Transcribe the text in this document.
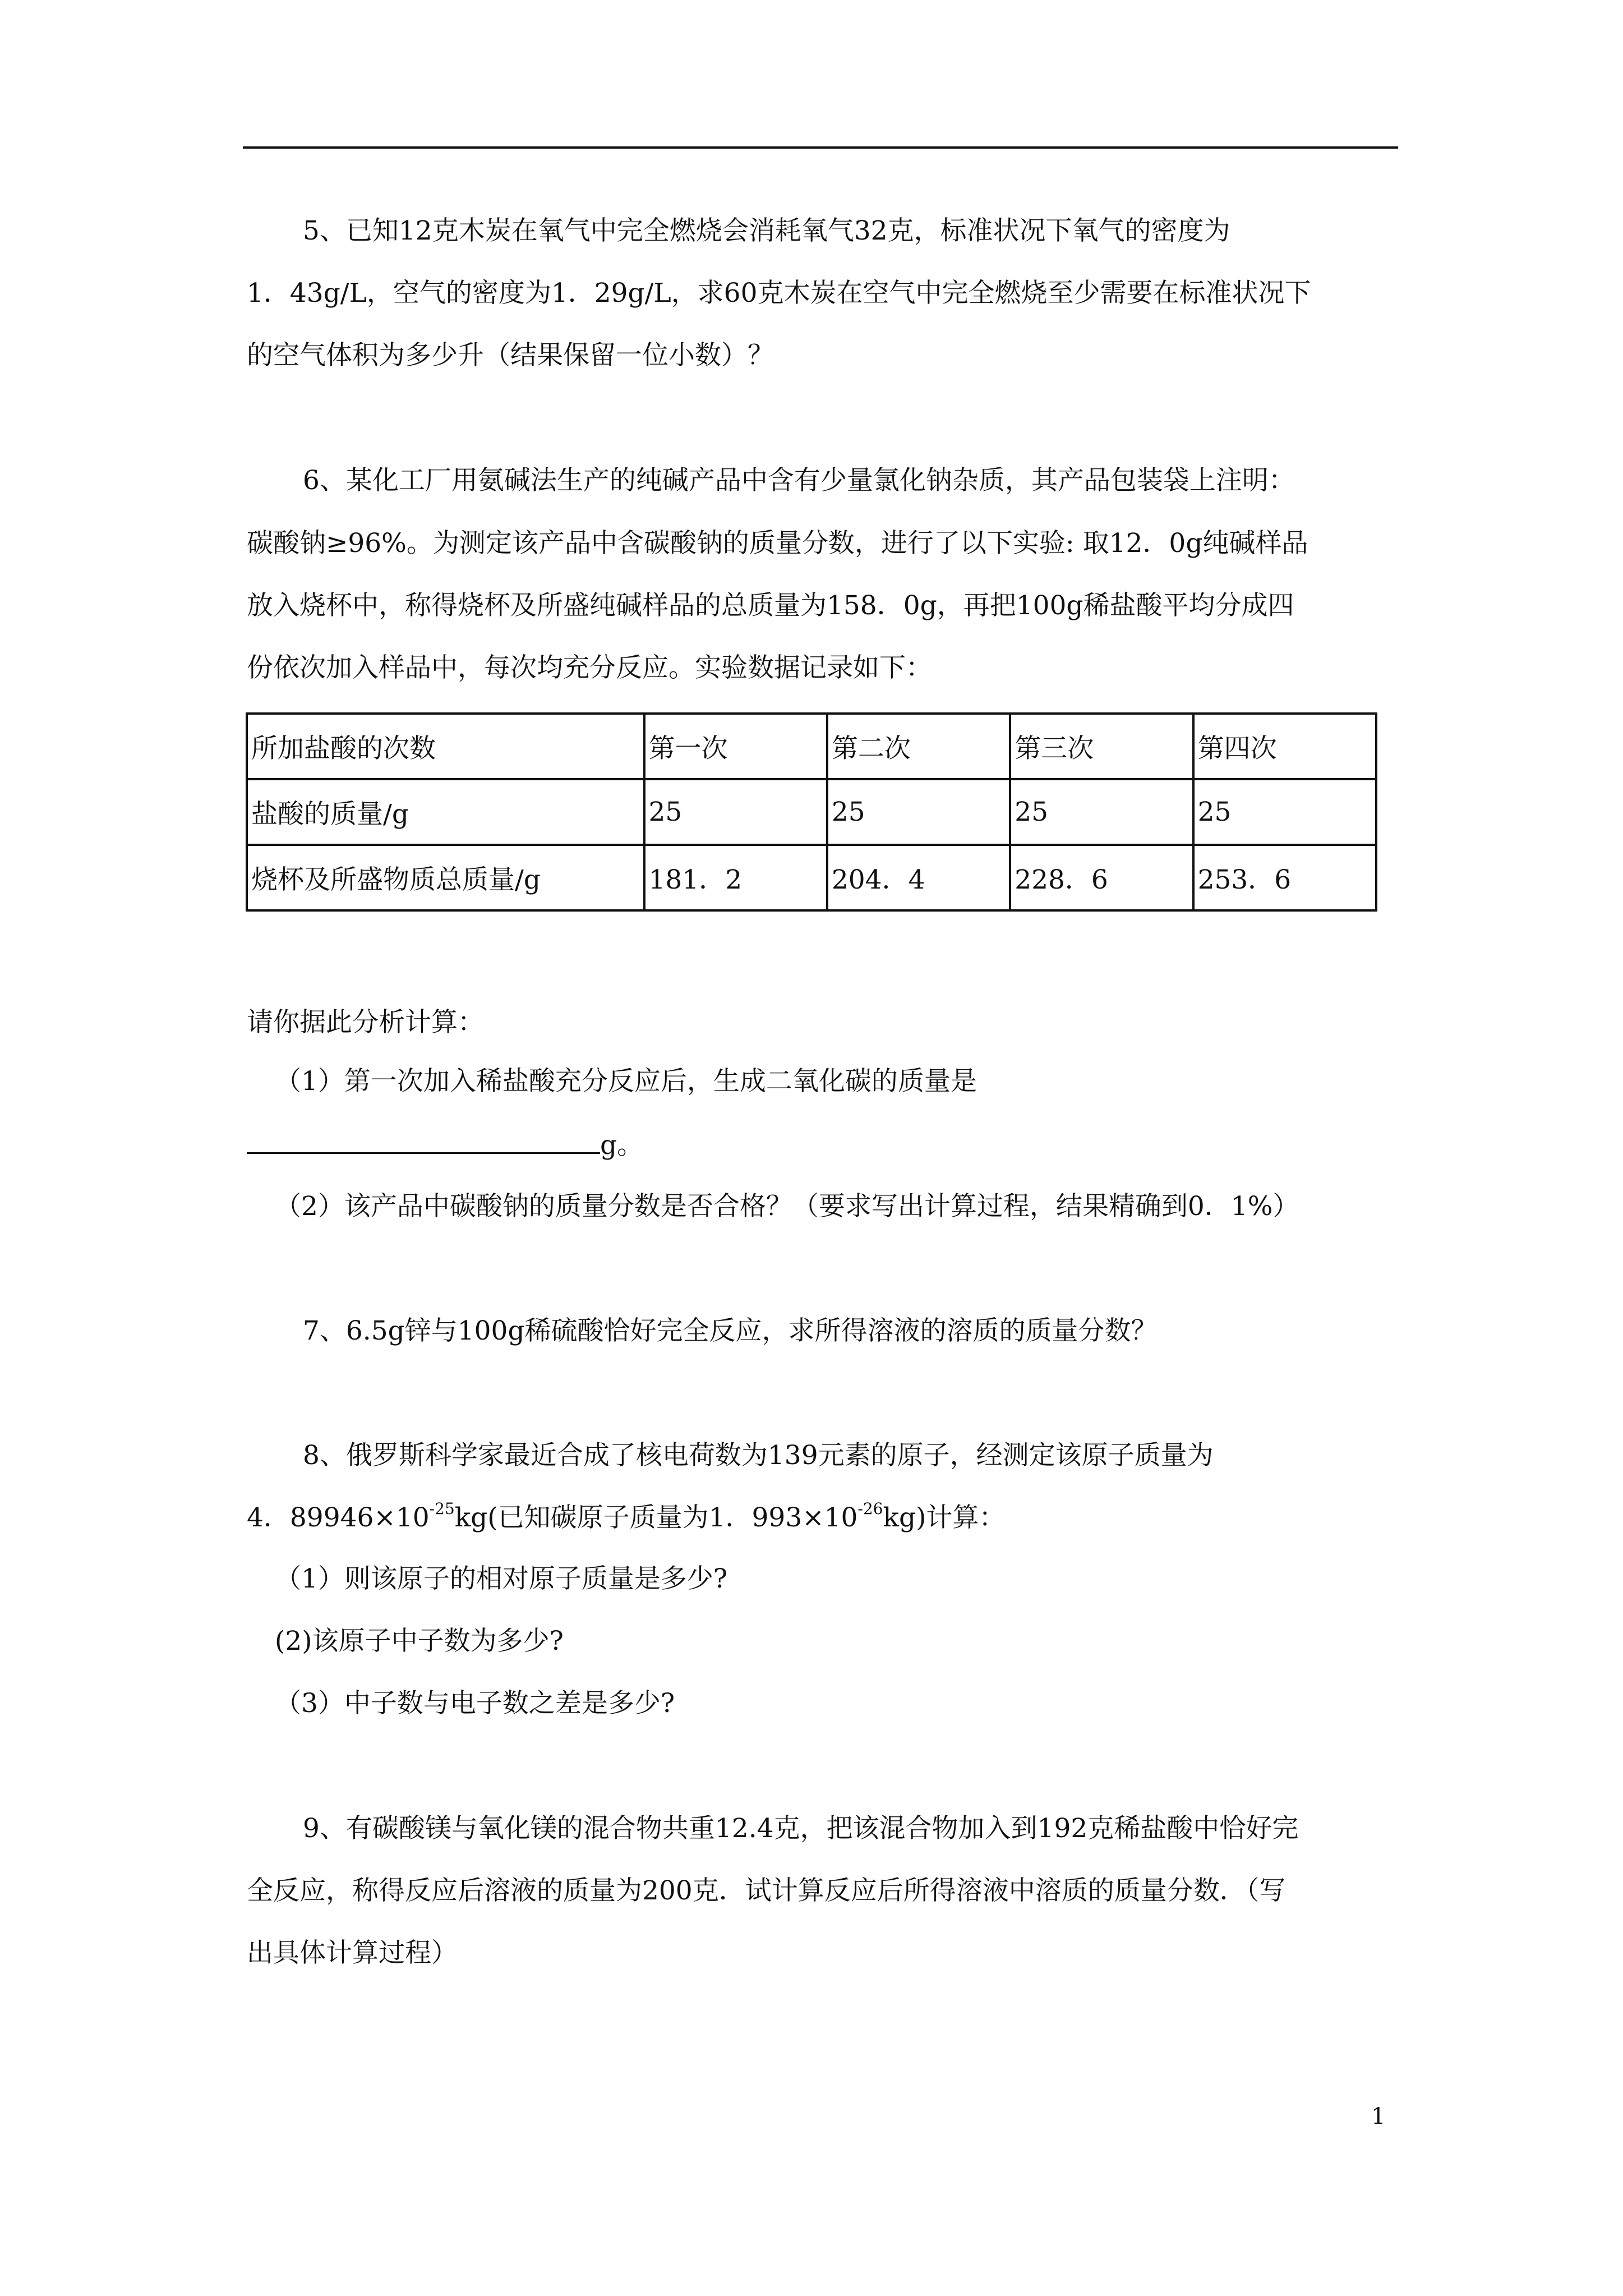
5、已知12克木炭在氧气中完全燃烧会消耗氧气32克，标准状况下氧气的密度为
1．43g/L，空气的密度为1．29g/L，求60克木炭在空气中完全燃烧至少需要在标准状况下
的空气体积为多少升（结果保留一位小数）？
6、某化工厂用氨碱法生产的纯碱产品中含有少量氯化钠杂质，其产品包装袋上注明：
碳酸钠≥96%。为测定该产品中含碳酸钠的质量分数，进行了以下实验: 取12．0g纯碱样品
放入烧杯中，称得烧杯及所盛纯碱样品的总质量为158．0g，再把100g稀盐酸平均分成四
份依次加入样品中，每次均充分反应。实验数据记录如下：
所加盐酸的次数	第一次	第二次	第三次	第四次
盐酸的质量/g	25	25	25	25
烧杯及所盛物质总质量/g	181．2	204．4	228．6	253．6
请你据此分析计算：
（1）第一次加入稀盐酸充分反应后，生成二氧化碳的质量是
g。
（2）该产品中碳酸钠的质量分数是否合格？（要求写出计算过程，结果精确到0．1%）
7、6.5g锌与100g稀硫酸恰好完全反应，求所得溶液的溶质的质量分数？
8、俄罗斯科学家最近合成了核电荷数为139元素的原子，经测定该原子质量为
4．$89946\times 10^{-25}kg$(已知碳原子质量为1．$993\times 10^{-26}kg$)计算：
（1）则该原子的相对原子质量是多少?
(2)该原子中子数为多少?
（3）中子数与电子数之差是多少?
9、有碳酸镁与氧化镁的混合物共重12.4克，把该混合物加入到192克稀盐酸中恰好完
全反应，称得反应后溶液的质量为200克．试计算反应后所得溶液中溶质的质量分数．（写
出具体计算过程）
1
